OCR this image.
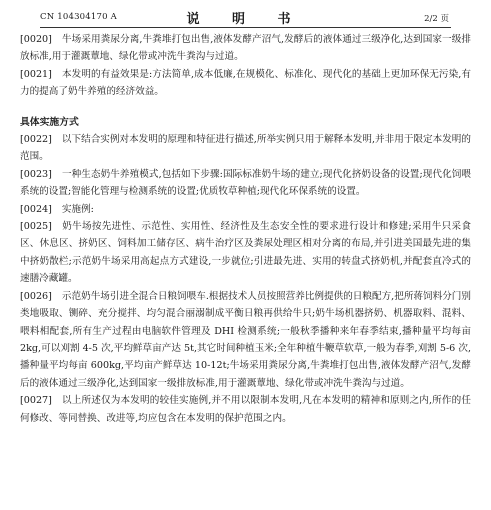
CN 104304170 A	说 明 书	2/2 页

[0020] 牛场采用粪尿分离,牛粪堆打包出售,液体发酵产沼气,发酵后的液体通过三级净化,达到国家一级排放标准,用于灌溉蕈地、绿化带或冲洗牛粪沟与过道。

[0021] 本发明的有益效果是:方法简单,成本低廉,在规模化、标准化、现代化的基础上更加环保无污染,有力的提高了奶牛养殖的经济效益。

具体实施方式

[0022] 以下结合实例对本发明的原理和特征进行描述,所举实例只用于解释本发明,并非用于限定本发明的范围。

[0023] 一种生态奶牛养殖模式,包括如下步骤:国际标准奶牛场的建立;现代化挤奶设备的设置;现代化饲喂系统的设置;智能化管理与检测系统的设置;优质牧草种植;现代化环保系统的设置。

[0024] 实施例:

[0025] 奶牛场按先进性、示范性、实用性、经济性及生态安全性的要求进行设计和修建;采用牛只采食区、休息区、挤奶区、饲料加工储存区、病牛治疗区及粪尿处理区相对分离的布局,并引进美国最先进的集中挤奶散栏;示范奶牛场采用高起点方式建设,一步就位;引进最先进、实用的转盘式挤奶机,并配套直冷式的速膳冷藏罐。

[0026] 示范奶牛场引进全混合日粮饲喂车.根据技术人员按照营养比例提供的日粮配方,把所蒋饲料分门别类地吸取、铡碎、充分搅拌、均匀混合丽溺制成平衡日粮再供给牛只;奶牛场机器挤奶、机器取料、混料、喂料相配套,所有生产过程由电脑软件管理及 DHI 检测系统;一般秋季播种来年春季结束,播种量平均每亩 2kg,可以刈割 4-5 次,平均鲜草亩产达 5t,其它时间种植玉米;全年种植牛鞭草软草,一般为春季,刈割 5-6 次,播种量平均每亩 600kg,平均亩产鲜草达 10-12t;牛场采用粪尿分离,牛粪堆打包出售,液体发酵产沼气,发酵后的液体通过三级净化,达到国家一级排放标准,用于灌溉蕈地、绿化带或冲洗牛粪沟与过道。

[0027] 以上所述仅为本发明的较佳实施例,并不用以限制本发明,凡在本发明的精神和原则之内,所作的任何修改、等同替换、改进等,均应包含在本发明的保护范围之内。
